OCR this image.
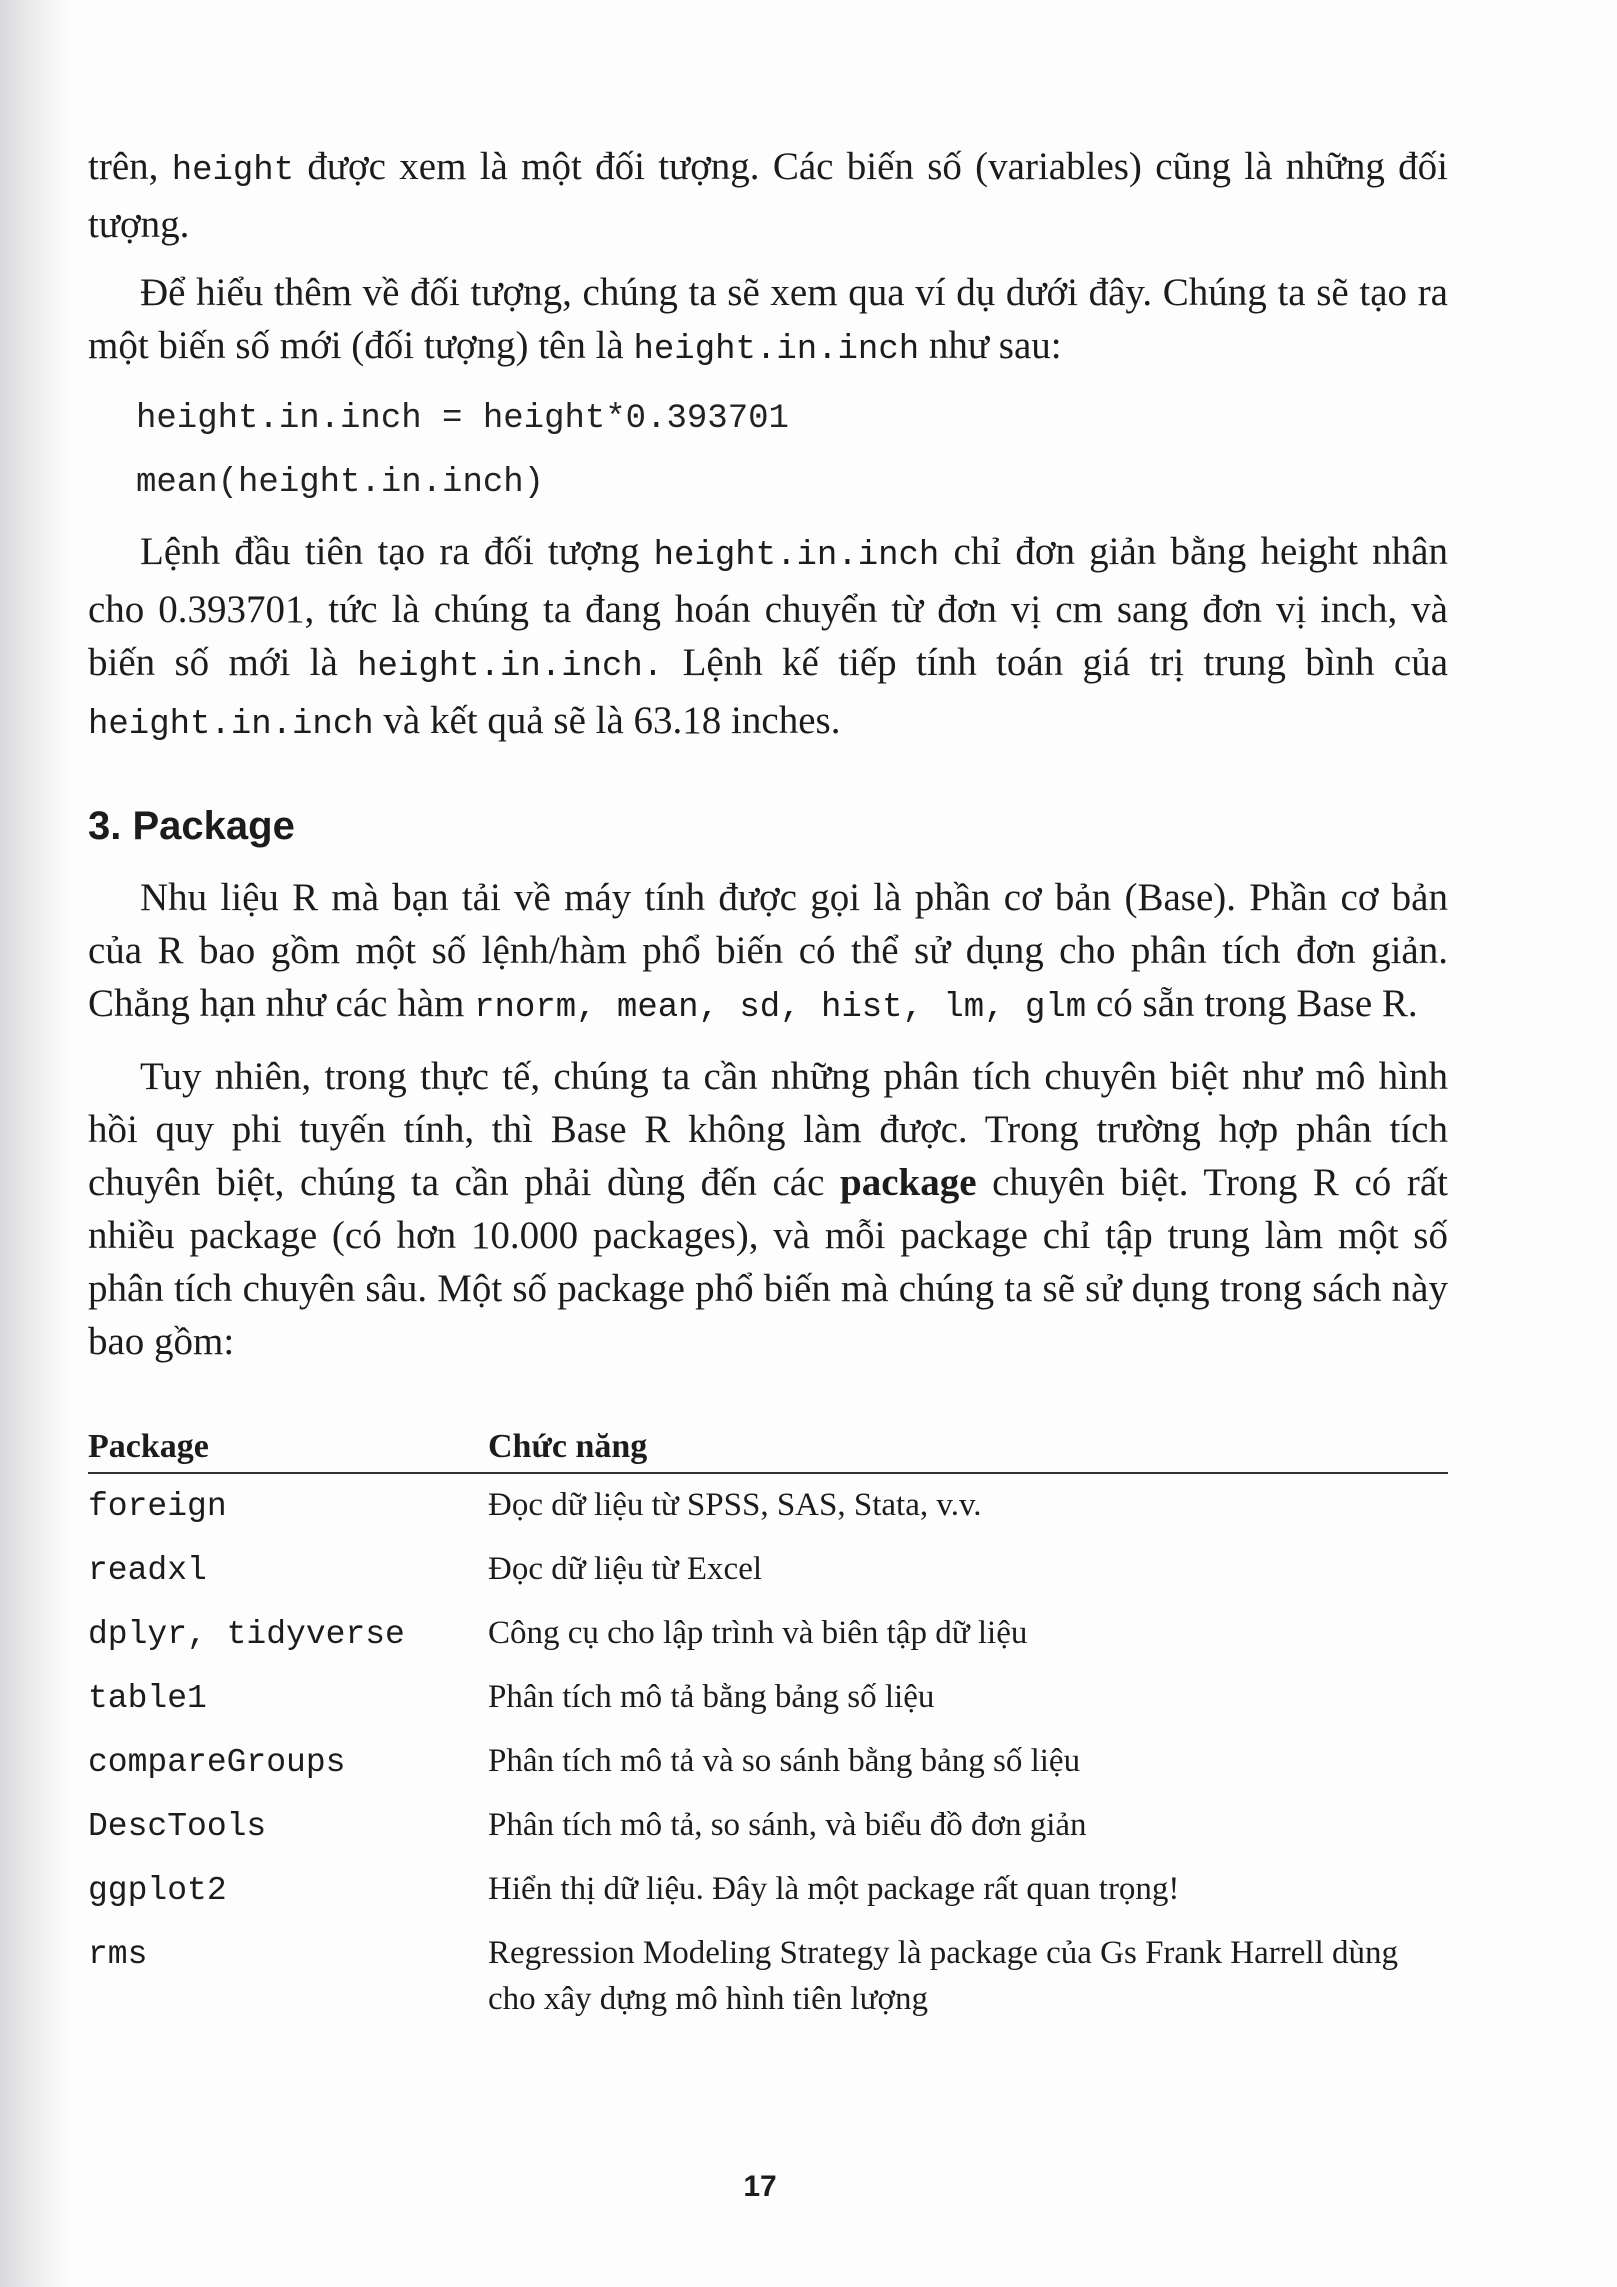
trên, height được xem là một đối tượng. Các biến số (variables) cũng là những đối tượng.

Để hiểu thêm về đối tượng, chúng ta sẽ xem qua ví dụ dưới đây. Chúng ta sẽ tạo ra một biến số mới (đối tượng) tên là height.in.inch như sau:

height.in.inch = height*0.393701
mean(height.in.inch)

Lệnh đầu tiên tạo ra đối tượng height.in.inch chỉ đơn giản bằng height nhân cho 0.393701, tức là chúng ta đang hoán chuyển từ đơn vị cm sang đơn vị inch, và biến số mới là height.in.inch. Lệnh kế tiếp tính toán giá trị trung bình của height.in.inch và kết quả sẽ là 63.18 inches.

3. Package

Nhu liệu R mà bạn tải về máy tính được gọi là phần cơ bản (Base). Phần cơ bản của R bao gồm một số lệnh/hàm phổ biến có thể sử dụng cho phân tích đơn giản. Chẳng hạn như các hàm rnorm, mean, sd, hist, lm, glm có sẵn trong Base R.

Tuy nhiên, trong thực tế, chúng ta cần những phân tích chuyên biệt như mô hình hồi quy phi tuyến tính, thì Base R không làm được. Trong trường hợp phân tích chuyên biệt, chúng ta cần phải dùng đến các package chuyên biệt. Trong R có rất nhiều package (có hơn 10.000 packages), và mỗi package chỉ tập trung làm một số phân tích chuyên sâu. Một số package phổ biến mà chúng ta sẽ sử dụng trong sách này bao gồm:

Package	Chức năng
foreign	Đọc dữ liệu từ SPSS, SAS, Stata, v.v.
readxl	Đọc dữ liệu từ Excel
dplyr, tidyverse	Công cụ cho lập trình và biên tập dữ liệu
table1	Phân tích mô tả bằng bảng số liệu
compareGroups	Phân tích mô tả và so sánh bằng bảng số liệu
DescTools	Phân tích mô tả, so sánh, và biểu đồ đơn giản
ggplot2	Hiển thị dữ liệu. Đây là một package rất quan trọng!
rms	Regression Modeling Strategy là package của Gs Frank Harrell dùng cho xây dựng mô hình tiên lượng
17
